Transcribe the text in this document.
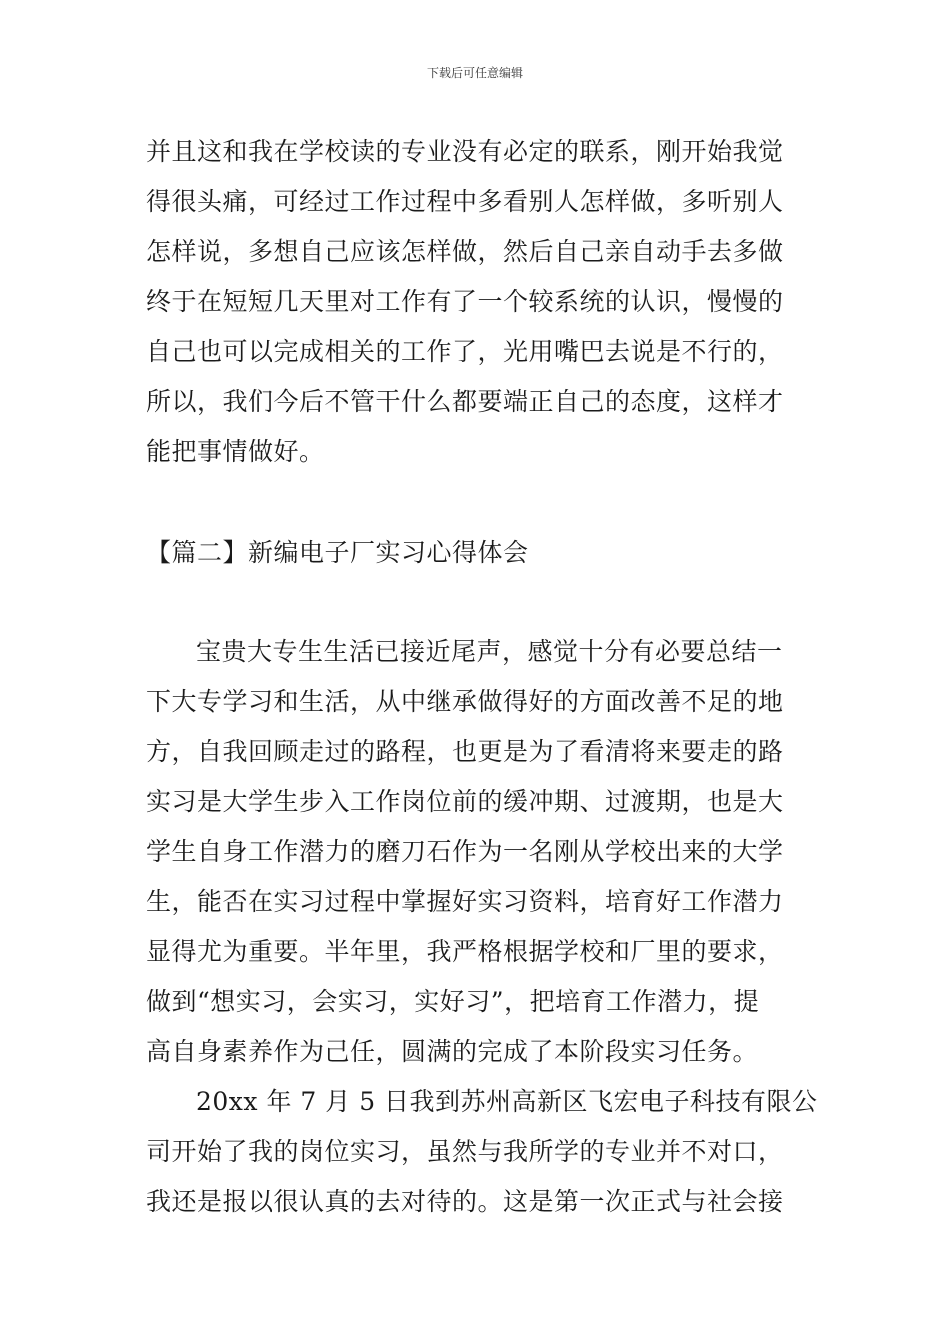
下载后可任意编辑
并且这和我在学校读的专业没有必定的联系，刚开始我觉
得很头痛，可经过工作过程中多看别人怎样做，多听别人
怎样说，多想自己应该怎样做，然后自己亲自动手去多做
终于在短短几天里对工作有了一个较系统的认识，慢慢的
自己也可以完成相关的工作了，光用嘴巴去说是不行的，
所以，我们今后不管干什么都要端正自己的态度，这样才
能把事情做好。
【篇二】新编电子厂实习心得体会
宝贵大专生生活已接近尾声，感觉十分有必要总结一
下大专学习和生活，从中继承做得好的方面改善不足的地
方，自我回顾走过的路程，也更是为了看清将来要走的路
实习是大学生步入工作岗位前的缓冲期、过渡期，也是大
学生自身工作潜力的磨刀石作为一名刚从学校出来的大学
生，能否在实习过程中掌握好实习资料，培育好工作潜力
显得尤为重要。半年里，我严格根据学校和厂里的要求，
做到“想实习，会实习，实好习”，把培育工作潜力，提
高自身素养作为己任，圆满的完成了本阶段实习任务。
20xx 年 7 月 5 日我到苏州高新区飞宏电子科技有限公
司开始了我的岗位实习，虽然与我所学的专业并不对口，
我还是报以很认真的去对待的。这是第一次正式与社会接
